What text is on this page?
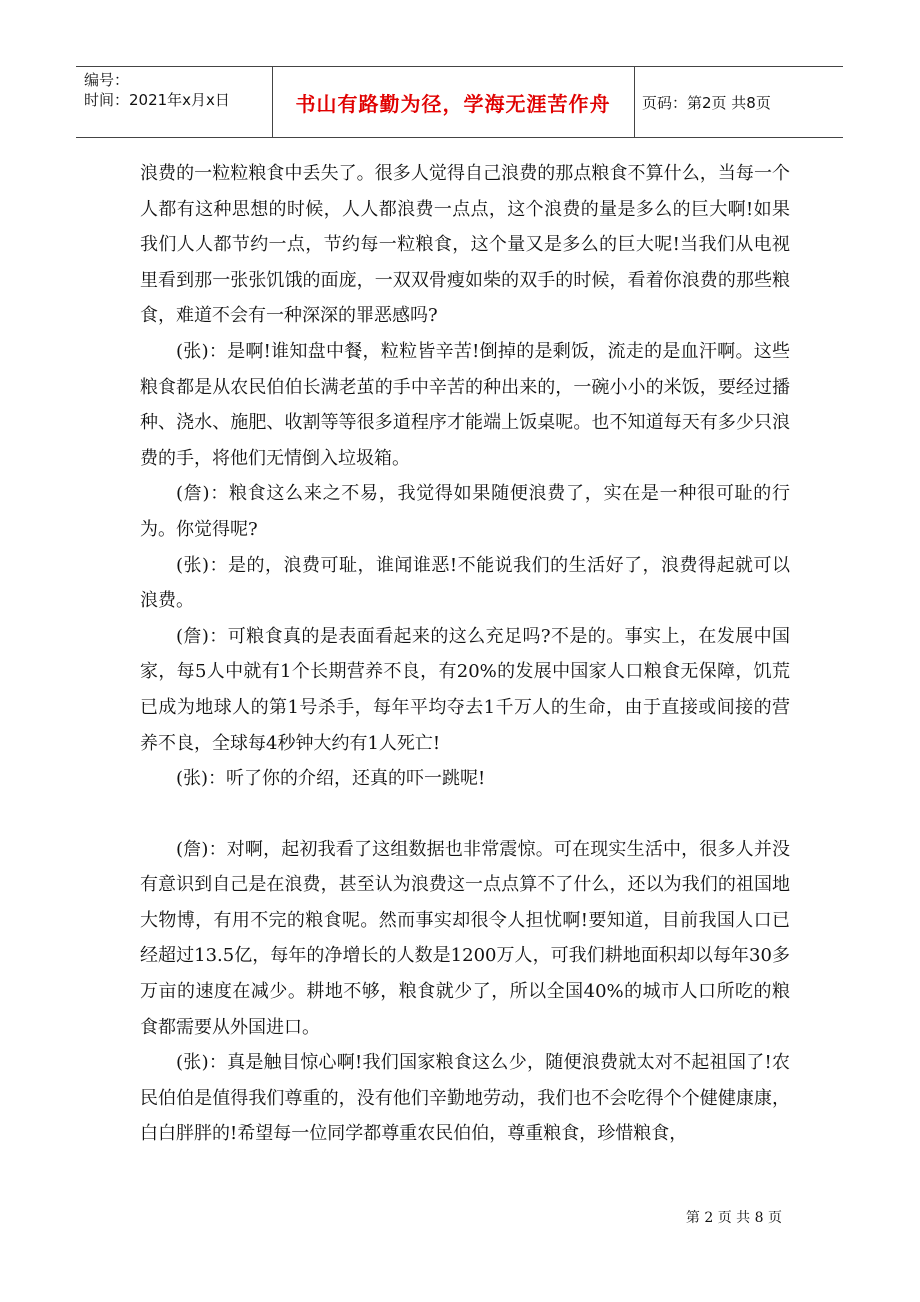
编号：
时间：2021年x月x日	书山有路勤为径，学海无涯苦作舟 页码：第2页 共8页

浪费的一粒粒粮食中丢失了。很多人觉得自己浪费的那点粮食不算什么，当每一个人都有这种思想的时候，人人都浪费一点点，这个浪费的量是多么的巨大啊!如果我们人人都节约一点，节约每一粒粮食，这个量又是多么的巨大呢!当我们从电视里看到那一张张饥饿的面庞，一双双骨瘦如柴的双手的时候，看着你浪费的那些粮食，难道不会有一种深深的罪恶感吗?

(张)：是啊!谁知盘中餐，粒粒皆辛苦!倒掉的是剩饭，流走的是血汗啊。这些粮食都是从农民伯伯长满老茧的手中辛苦的种出来的，一碗小小的米饭，要经过播种、浇水、施肥、收割等等很多道程序才能端上饭桌呢。也不知道每天有多少只浪费的手，将他们无情倒入垃圾箱。

(詹)：粮食这么来之不易，我觉得如果随便浪费了，实在是一种很可耻的行为。你觉得呢?

(张)：是的，浪费可耻，谁闻谁恶!不能说我们的生活好了，浪费得起就可以浪费。

(詹)：可粮食真的是表面看起来的这么充足吗?不是的。事实上，在发展中国家，每5人中就有1个长期营养不良，有20%的发展中国家人口粮食无保障，饥荒已成为地球人的第1号杀手，每年平均夺去1千万人的生命，由于直接或间接的营养不良，全球每4秒钟大约有1人死亡!

(张)：听了你的介绍，还真的吓一跳呢!

(詹)：对啊，起初我看了这组数据也非常震惊。可在现实生活中，很多人并没有意识到自己是在浪费，甚至认为浪费这一点点算不了什么，还以为我们的祖国地大物博，有用不完的粮食呢。然而事实却很令人担忧啊!要知道，目前我国人口已经超过13.5亿，每年的净增长的人数是1200万人，可我们耕地面积却以每年30多万亩的速度在减少。耕地不够，粮食就少了，所以全国40%的城市人口所吃的粮食都需要从外国进口。

(张)：真是触目惊心啊!我们国家粮食这么少，随便浪费就太对不起祖国了!农民伯伯是值得我们尊重的，没有他们辛勤地劳动，我们也不会吃得个个健健康康，白白胖胖的!希望每一位同学都尊重农民伯伯，尊重粮食，珍惜粮食，

第 2 页 共 8 页
